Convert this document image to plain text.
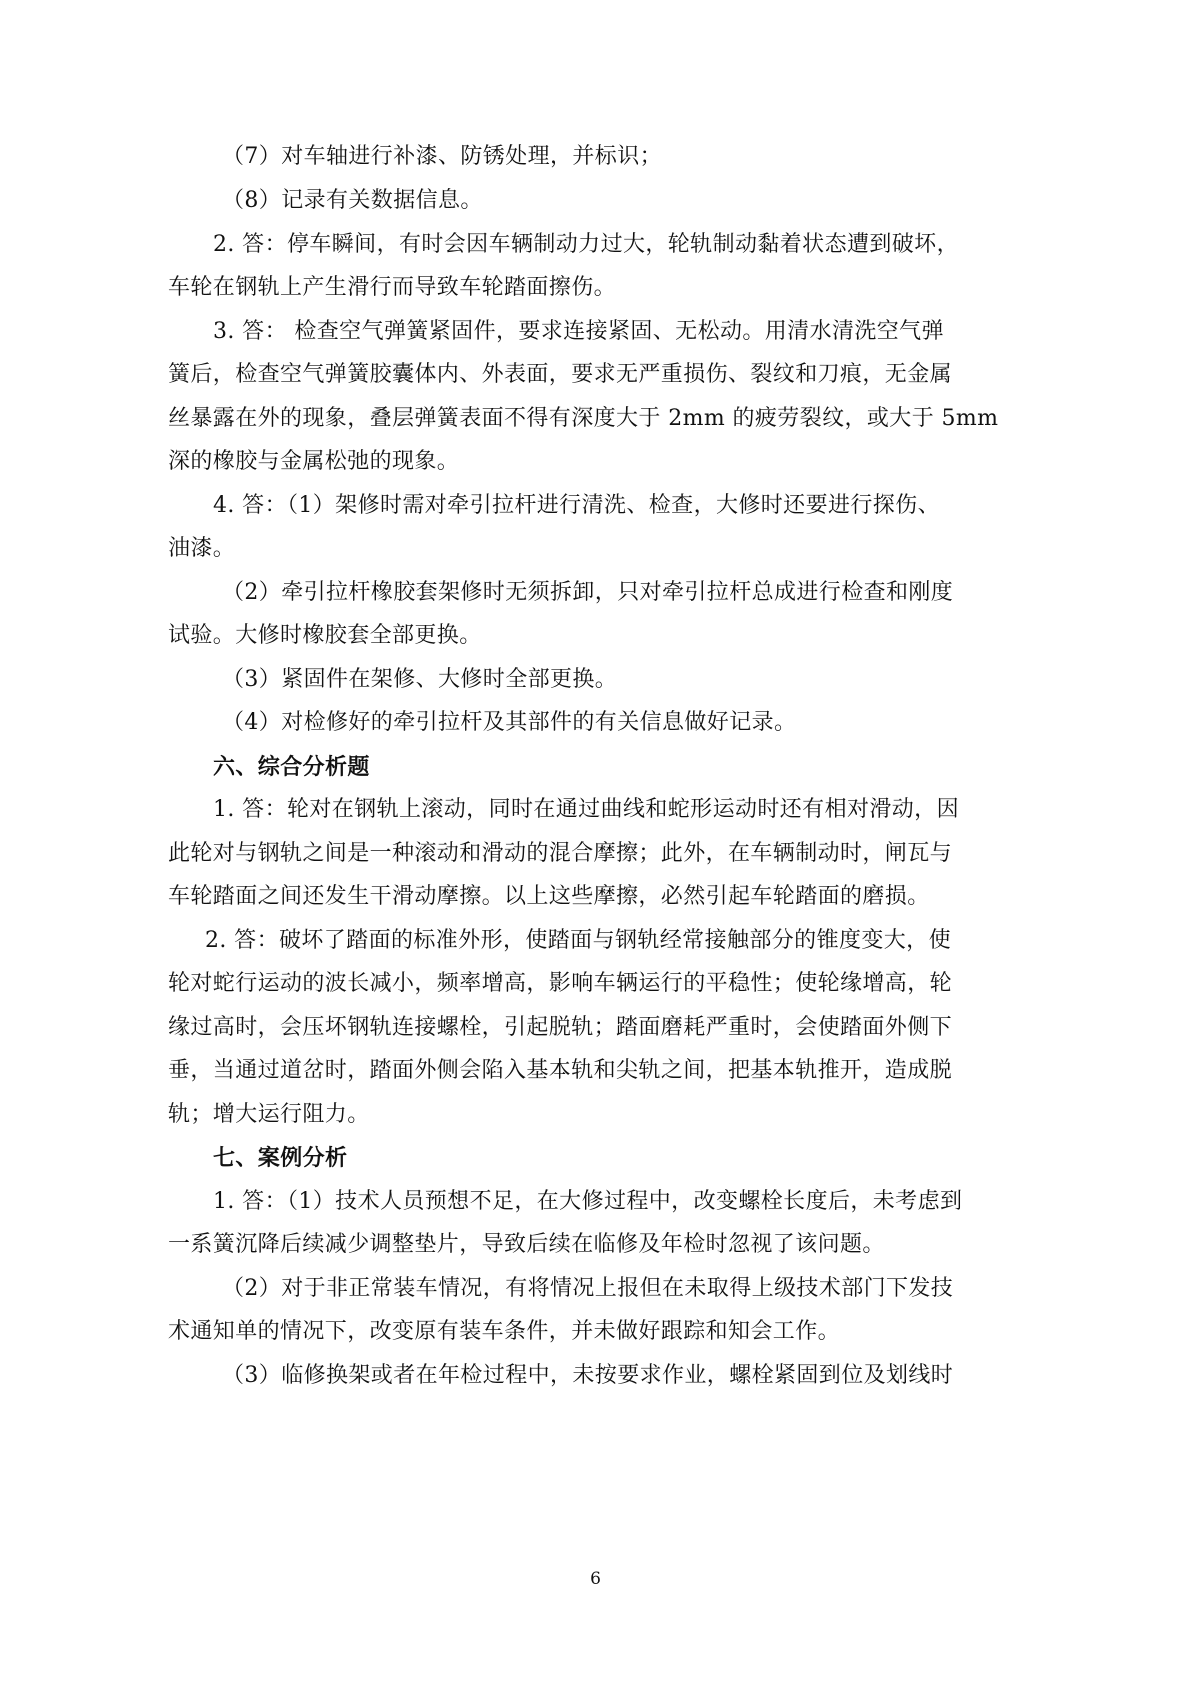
（7）对车轴进行补漆、防锈处理，并标识；
（8）记录有关数据信息。
2. 答：停车瞬间，有时会因车辆制动力过大，轮轨制动黏着状态遭到破坏，
车轮在钢轨上产生滑行而导致车轮踏面擦伤。
3. 答： 检查空气弹簧紧固件，要求连接紧固、无松动。用清水清洗空气弹
簧后，检查空气弹簧胶囊体内、外表面，要求无严重损伤、裂纹和刀痕，无金属
丝暴露在外的现象，叠层弹簧表面不得有深度大于 2mm 的疲劳裂纹，或大于 5mm
深的橡胶与金属松弛的现象。
4. 答：（1）架修时需对牵引拉杆进行清洗、检查，大修时还要进行探伤、
油漆。
（2）牵引拉杆橡胶套架修时无须拆卸，只对牵引拉杆总成进行检查和刚度
试验。大修时橡胶套全部更换。
（3）紧固件在架修、大修时全部更换。
（4）对检修好的牵引拉杆及其部件的有关信息做好记录。
六、综合分析题
1. 答：轮对在钢轨上滚动，同时在通过曲线和蛇形运动时还有相对滑动，因
此轮对与钢轨之间是一种滚动和滑动的混合摩擦；此外，在车辆制动时，闸瓦与
车轮踏面之间还发生干滑动摩擦。以上这些摩擦，必然引起车轮踏面的磨损。
2. 答：破坏了踏面的标准外形，使踏面与钢轨经常接触部分的锥度变大，使
轮对蛇行运动的波长减小，频率增高，影响车辆运行的平稳性；使轮缘增高，轮
缘过高时，会压坏钢轨连接螺栓，引起脱轨；踏面磨耗严重时，会使踏面外侧下
垂，当通过道岔时，踏面外侧会陷入基本轨和尖轨之间，把基本轨推开，造成脱
轨；增大运行阻力。
七、案例分析
1. 答：（1）技术人员预想不足，在大修过程中，改变螺栓长度后，未考虑到
一系簧沉降后续减少调整垫片，导致后续在临修及年检时忽视了该问题。
（2）对于非正常装车情况，有将情况上报但在未取得上级技术部门下发技
术通知单的情况下，改变原有装车条件，并未做好跟踪和知会工作。
（3）临修换架或者在年检过程中，未按要求作业，螺栓紧固到位及划线时
6
